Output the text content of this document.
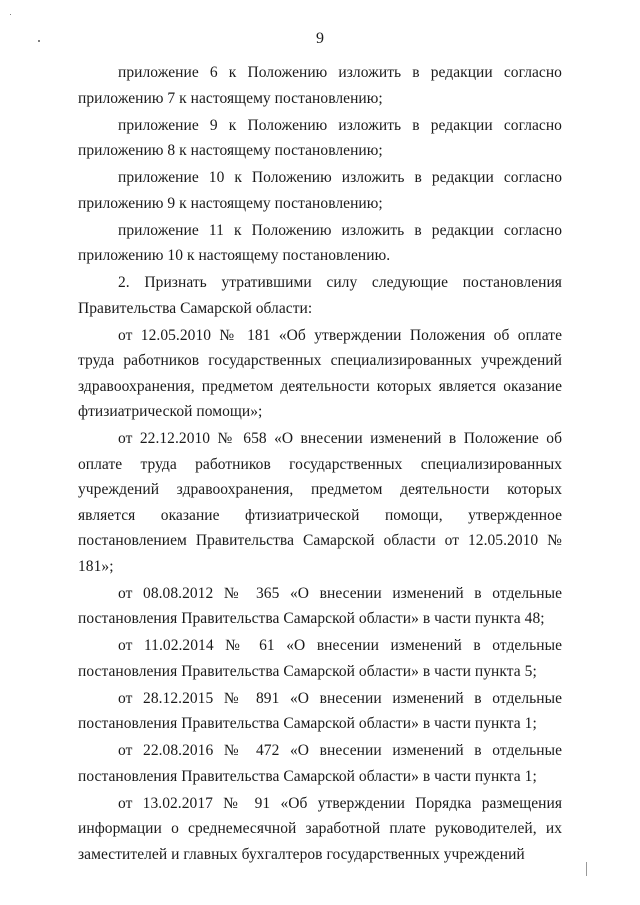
9

приложение 6 к Положению изложить в редакции согласно приложению 7 к настоящему постановлению;

приложение 9 к Положению изложить в редакции согласно приложению 8 к настоящему постановлению;

приложение 10 к Положению изложить в редакции согласно приложению 9 к настоящему постановлению;

приложение 11 к Положению изложить в редакции согласно приложению 10 к настоящему постановлению.

2. Признать утратившими силу следующие постановления Правительства Самарской области:

от 12.05.2010 № 181 «Об утверждении Положения об оплате труда работников государственных специализированных учреждений здравоохранения, предметом деятельности которых является оказание фтизиатрической помощи»;

от 22.12.2010 № 658 «О внесении изменений в Положение об оплате труда работников государственных специализированных учреждений здравоохранения, предметом деятельности которых является оказание фтизиатрической помощи, утвержденное постановлением Правительства Самарской области от 12.05.2010 № 181»;

от 08.08.2012 № 365 «О внесении изменений в отдельные постановления Правительства Самарской области» в части пункта 48;

от 11.02.2014 № 61 «О внесении изменений в отдельные постановления Правительства Самарской области» в части пункта 5;

от 28.12.2015 № 891 «О внесении изменений в отдельные постановления Правительства Самарской области» в части пункта 1;

от 22.08.2016 № 472 «О внесении изменений в отдельные постановления Правительства Самарской области» в части пункта 1;

от 13.02.2017 № 91 «Об утверждении Порядка размещения информации о среднемесячной заработной плате руководителей, их заместителей и главных бухгалтеров государственных учреждений
